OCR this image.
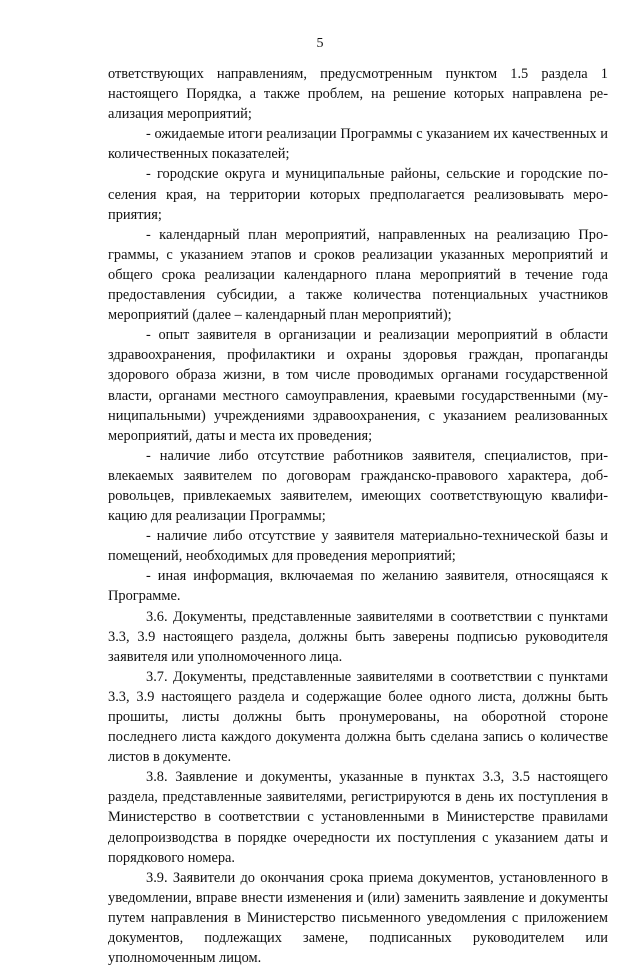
5

ответствующих направлениям, предусмотренным пунктом 1.5 раздела 1 настоящего Порядка, а также проблем, на решение которых направлена реализация мероприятий;

- ожидаемые итоги реализации Программы с указанием их качественных и количественных показателей;

- городские округа и муниципальные районы, сельские и городские поселения края, на территории которых предполагается реализовывать мероприятия;

- календарный план мероприятий, направленных на реализацию Программы, с указанием этапов и сроков реализации указанных мероприятий и общего срока реализации календарного плана мероприятий в течение года предоставления субсидии, а также количества потенциальных участников мероприятий (далее – календарный план мероприятий);

- опыт заявителя в организации и реализации мероприятий в области здравоохранения, профилактики и охраны здоровья граждан, пропаганды здорового образа жизни, в том числе проводимых органами государственной власти, органами местного самоуправления, краевыми государственными (муниципальными) учреждениями здравоохранения, с указанием реализованных мероприятий, даты и места их проведения;

- наличие либо отсутствие работников заявителя, специалистов, привлекаемых заявителем по договорам гражданско-правового характера, добровольцев, привлекаемых заявителем, имеющих соответствующую квалификацию для реализации Программы;

- наличие либо отсутствие у заявителя материально-технической базы и помещений, необходимых для проведения мероприятий;

- иная информация, включаемая по желанию заявителя, относящаяся к Программе.

3.6. Документы, представленные заявителями в соответствии с пунктами 3.3, 3.9 настоящего раздела, должны быть заверены подписью руководителя заявителя или уполномоченного лица.

3.7. Документы, представленные заявителями в соответствии с пунктами 3.3, 3.9 настоящего раздела и содержащие более одного листа, должны быть прошиты, листы должны быть пронумерованы, на оборотной стороне последнего листа каждого документа должна быть сделана запись о количестве листов в документе.

3.8. Заявление и документы, указанные в пунктах 3.3, 3.5 настоящего раздела, представленные заявителями, регистрируются в день их поступления в Министерство в соответствии с установленными в Министерстве правилами делопроизводства в порядке очередности их поступления с указанием даты и порядкового номера.

3.9. Заявители до окончания срока приема документов, установленного в уведомлении, вправе внести изменения и (или) заменить заявление и документы путем направления в Министерство письменного уведомления с приложением документов, подлежащих замене, подписанных руководителем или уполномоченным лицом.
